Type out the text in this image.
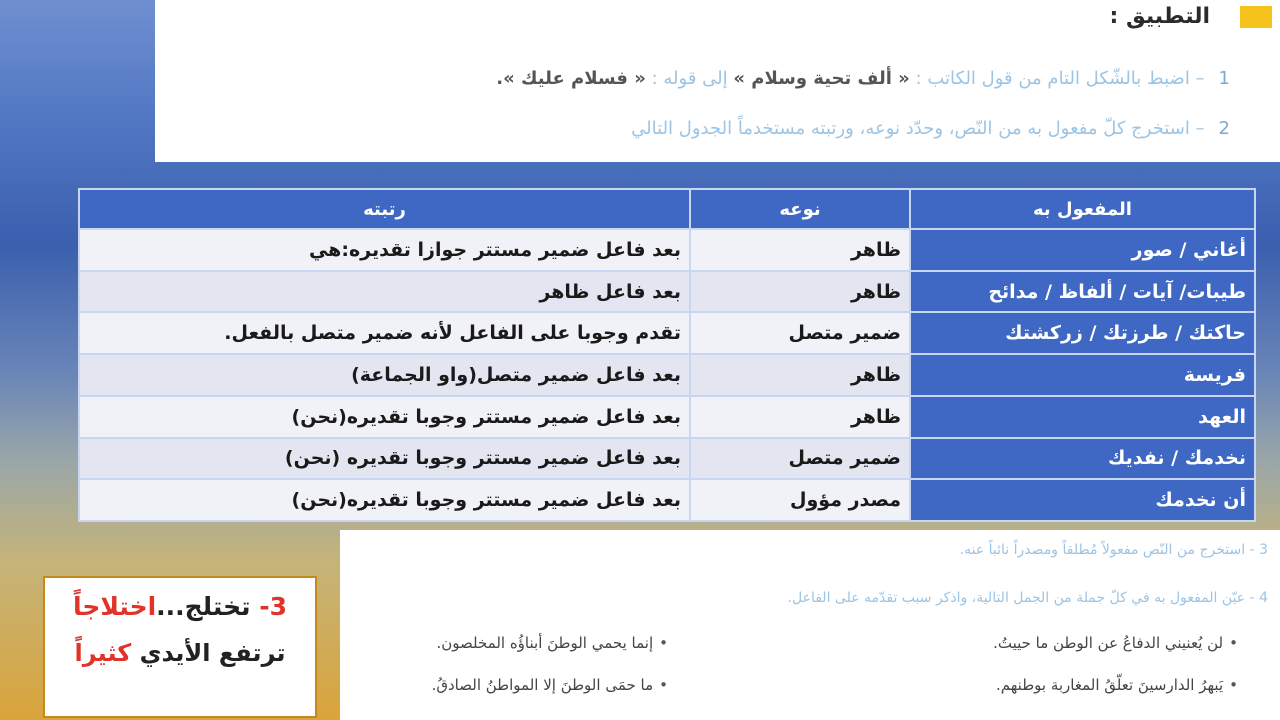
التطبيق :
1– اضبط بالشّكل التام من قول الكاتب : « ألف تحية وسلام » إلى قوله : « فسلام عليك ».
2– استخرج كلّ مفعول به من النّص، وحدّد نوعه، ورتبته مستخدماً الجدول التالي
المفعول به	نوعه	رتبته
أغاني / صور	ظاهر	بعد فاعل ضمير مستتر جوازا تقديره:هي
طيبات/ آيات / ألفاظ / مدائح	ظاهر	بعد فاعل ظاهر
حاكتك / طرزتك / زركشتك	ضمير متصل	تقدم وجوبا على الفاعل لأنه ضمير متصل بالفعل.
فريسة	ظاهر	بعد فاعل ضمير متصل(واو الجماعة)
العهد	ظاهر	بعد فاعل ضمير مستتر وجوبا تقديره(نحن)
نخدمك / نفديك	ضمير متصل	بعد فاعل ضمير مستتر وجوبا تقديره (نحن)
أن نخدمك	مصدر مؤول	بعد فاعل ضمير مستتر وجوبا تقديره(نحن)
3 - استخرج من النّص مفعولاً مُطلقاً ومصدراً نائباً عنه.
4 - عيّن المفعول به في كلّ جملة من الجمل التالية، واذكر سبب تقدّمه على الفاعل.
•لن يُعنيني الدفاعُ عن الوطن ما حييتُ.
•إنما يحمي الوطنَ أبناؤُه المخلصون.
•يَبهرُ الدارسينَ تعلّقُ المغاربة بوطنهم.
•ما حمَى الوطنَ إلا المواطنُ الصادقُ.
3- تختلج...اختلاجاً
ترتفع الأيدي كثيراً
